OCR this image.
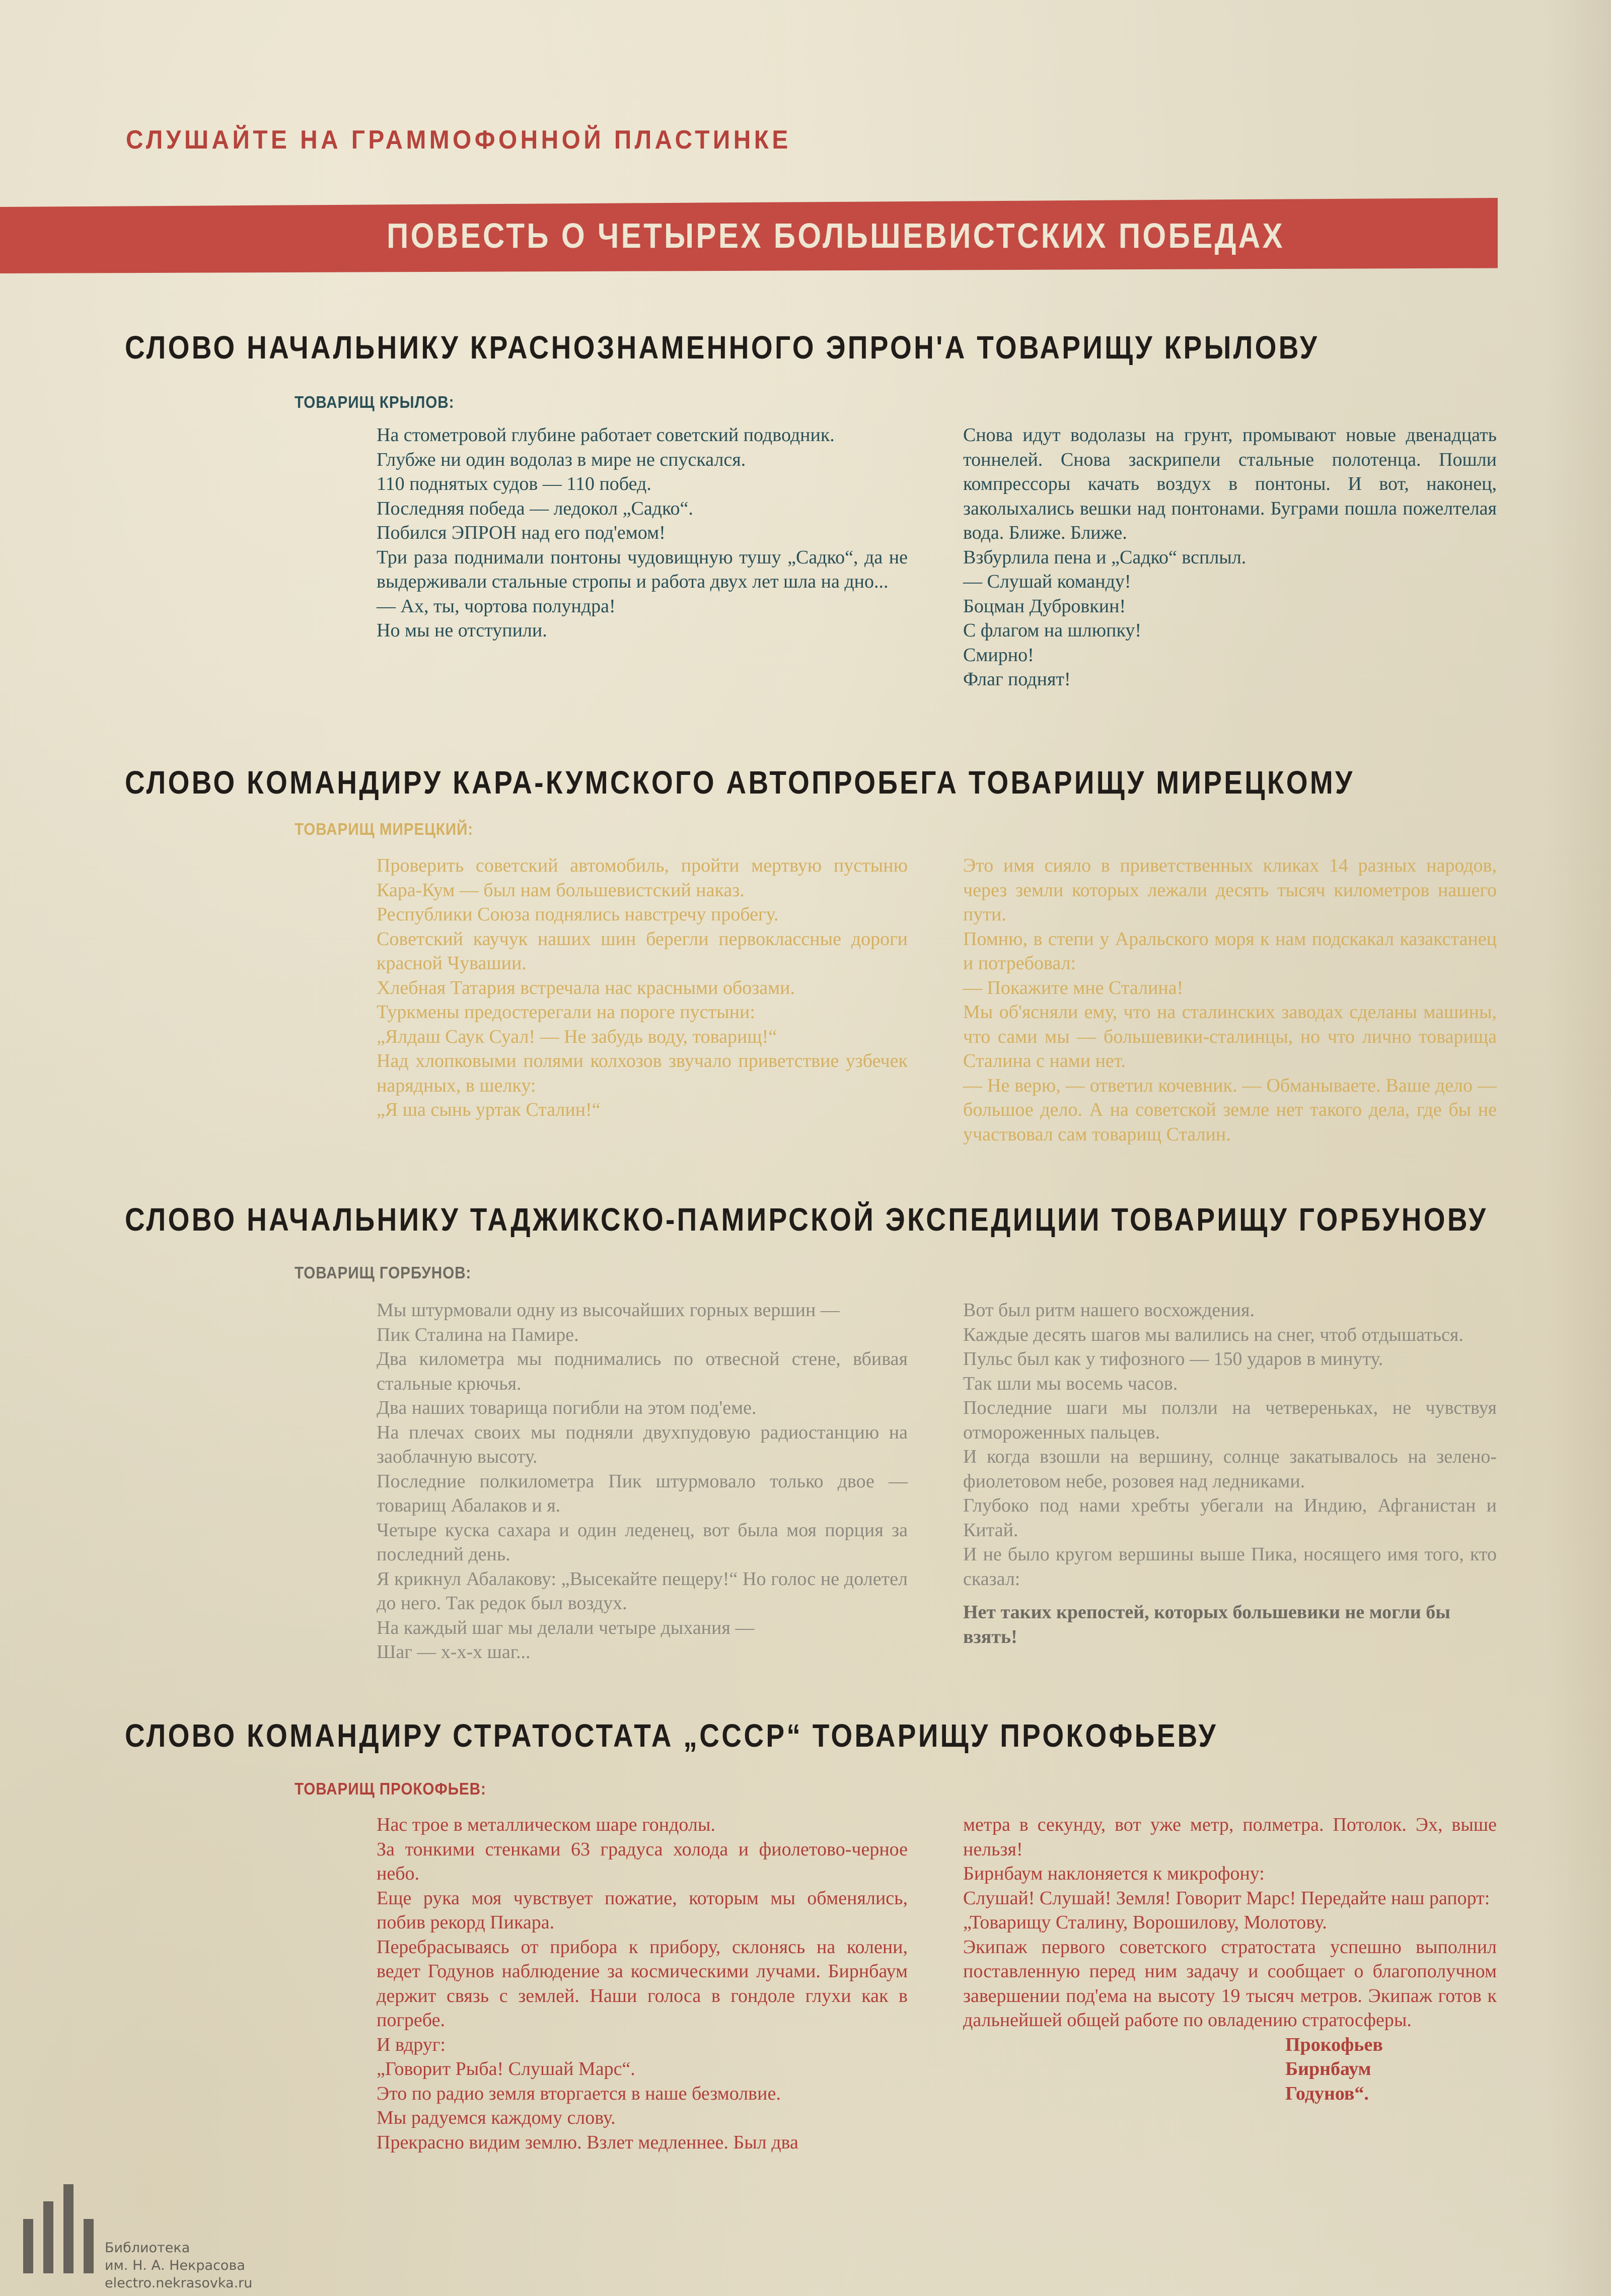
СЛУШАЙТЕ НА ГРАММОФОННОЙ ПЛАСТИНКЕ
ПОВЕСТЬ О ЧЕТЫРЕХ БОЛЬШЕВИСТСКИХ ПОБЕДАХ
СЛОВО НАЧАЛЬНИКУ КРАСНОЗНАМЕННОГО ЭПРОН'А ТОВАРИЩУ КРЫЛОВУ
ТОВАРИЩ КРЫЛОВ:

На стометровой глубине работает советский подводник.

Глубже ни один водолаз в мире не спускался.

110 поднятых судов — 110 побед.

Последняя победа — ледокол „Садко“.

Побился ЭПРОН над его под'емом!

Три раза поднимали понтоны чудовищную тушу „Садко“, да не выдерживали стальные стропы и работа двух лет шла на дно...

— Ах, ты, чортова полундра!

Но мы не отступили.

Снова идут водолазы на грунт, промывают новые двенадцать тоннелей. Снова заскрипели стальные полотенца. Пошли компрессоры качать воздух в понтоны. И вот, наконец, заколыхались вешки над понтонами. Буграми пошла пожелтелая вода. Ближе. Ближе.

Взбурлила пена и „Садко“ всплыл.

— Слушай команду!

Боцман Дубровкин!

С флагом на шлюпку!

Смирно!

Флаг поднят!

СЛОВО КОМАНДИРУ КАРА-КУМСКОГО АВТОПРОБЕГА ТОВАРИЩУ МИРЕЦКОМУ
ТОВАРИЩ МИРЕЦКИЙ:

Проверить советский автомобиль, пройти мертвую пустыню Кара-Кум — был нам большевистский наказ.

Республики Союза поднялись навстречу пробегу.

Советский каучук наших шин берегли первоклассные дороги красной Чувашии.

Хлебная Татария встречала нас красными обозами.

Туркмены предостерегали на пороге пустыни:

„Ялдаш Саук Суал! — Не забудь воду, товарищ!“

Над хлопковыми полями колхозов звучало приветствие узбечек нарядных, в шелку:

„Я ша сынь уртак Сталин!“

Это имя сияло в приветственных кликах 14 разных народов, через земли которых лежали десять тысяч километров нашего пути.

Помню, в степи у Аральского моря к нам подскакал казакстанец и потребовал:

— Покажите мне Сталина!

Мы об'ясняли ему, что на сталинских заводах сделаны машины, что сами мы — большевики-сталинцы, но что лично товарища Сталина с нами нет.

— Не верю, — ответил кочевник. — Обманываете. Ваше дело — большое дело. А на советской земле нет такого дела, где бы не участвовал сам товарищ Сталин.

СЛОВО НАЧАЛЬНИКУ ТАДЖИКСКО-ПАМИРСКОЙ ЭКСПЕДИЦИИ ТОВАРИЩУ ГОРБУНОВУ
ТОВАРИЩ ГОРБУНОВ:

Мы штурмовали одну из высочайших горных вершин —

Пик Сталина на Памире.

Два километра мы поднимались по отвесной стене, вбивая стальные крючья.

Два наших товарища погибли на этом под'еме.

На плечах своих мы подняли двухпудовую радиостанцию на заоблачную высоту.

Последние полкилометра Пик штурмовало только двое — товарищ Абалаков и я.

Четыре куска сахара и один леденец, вот была моя порция за последний день.

Я крикнул Абалакову: „Высекайте пещеру!“ Но голос не долетел до него. Так редок был воздух.

На каждый шаг мы делали четыре дыхания —

Шаг — х-х-х шаг...

Вот был ритм нашего восхождения.

Каждые десять шагов мы валились на снег, чтоб отдышаться.

Пульс был как у тифозного — 150 ударов в минуту.

Так шли мы восемь часов.

Последние шаги мы ползли на четвереньках, не чувствуя отмороженных пальцев.

И когда взошли на вершину, солнце закатывалось на зелено-фиолетовом небе, розовея над ледниками.

Глубоко под нами хребты убегали на Индию, Афганистан и Китай.

И не было кругом вершины выше Пика, носящего имя того, кто сказал:

Нет таких крепостей, которых большевики не могли бы взять!

СЛОВО КОМАНДИРУ СТРАТОСТАТА „СССР“ ТОВАРИЩУ ПРОКОФЬЕВУ
ТОВАРИЩ ПРОКОФЬЕВ:

Нас трое в металлическом шаре гондолы.

За тонкими стенками 63 градуса холода и фиолетово-черное небо.

Еще рука моя чувствует пожатие, которым мы обменялись, побив рекорд Пикара.

Перебрасываясь от прибора к прибору, склонясь на колени, ведет Годунов наблюдение за космическими лучами. Бирнбаум держит связь с землей. Наши голоса в гондоле глухи как в погребе.

И вдруг:

„Говорит Рыба! Слушай Марс“.

Это по радио земля вторгается в наше безмолвие.

Мы радуемся каждому слову.

Прекрасно видим землю. Взлет медленнее. Был два

метра в секунду, вот уже метр, полметра. Потолок. Эх, выше нельзя!

Бирнбаум наклоняется к микрофону:

Слушай! Слушай! Земля! Говорит Марс! Передайте наш рапорт:

„Товарищу Сталину, Ворошилову, Молотову.

Экипаж первого советского стратостата успешно выполнил поставленную перед ним задачу и сообщает о благополучном завершении под'ема на высоту 19 тысяч метров. Экипаж готов к дальнейшей общей работе по овладению стратосферы.

Прокофьев

Бирнбаум

Годунов“.

Библиотека
им. Н. А. Некрасова
electro.nekrasovka.ru
